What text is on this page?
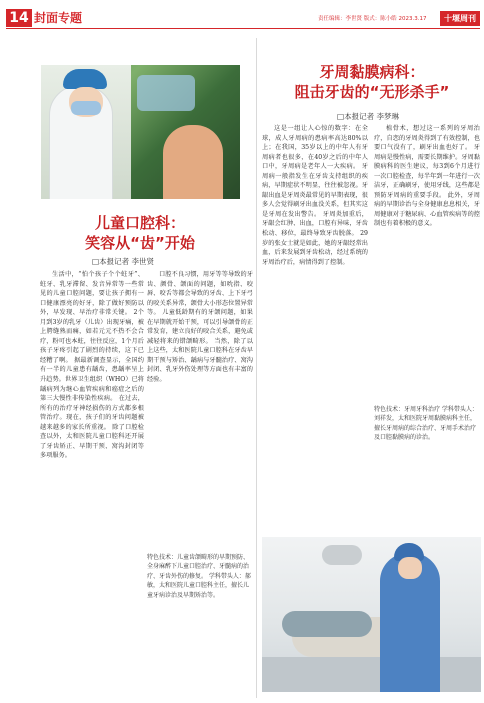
14 封面专题	责任编辑：李世贤 版式：陈小皓 2023.3.17	十堰周刊
儿童口腔科：
笑容从“齿”开始
□本报记者 李世贤
生活中，“怕个孩子个个蛀牙”、蛀牙、乳牙滞留、发音异常等一些常见的儿童口腔问题，要让孩子拥有一口健康漂亮的好牙，除了做好预防以外，早发现、早治疗非常关键。 2个月到3岁的乳牙（儿齿）出现牙痛，被上腭缝熟而痛，如若元元不热不会合疗，粉可也本蛀，往往反应，1个月后孩子牙疼引起了剧烈的持续，这下已经糟了啊。 据最新调查显示，全国约有一半的儿童患有龋齿，患龋率呈上升趋势。世界卫生组织（WHO）已将龋病列为继心血管疾病和癌症之后的第三大慢性非传染性疾病。 在过去，所有的治疗牙神经损伤的方式都多根管治疗。现在，孩子们的牙齿问题被越来越多的家长所重视。 除了口腔检查以外，太和医院儿童口腔科还开展了牙齿矫正、早期干预、窝沟封闭等多项服务。
口腔不良习惯，用牙等等导致的牙齿、颜骨、颌面的问题，如吮指、咬唇、咬舌等都会导致的牙齿、上下牙弓的咬关系异常，颌骨大小形态位置异常等。 儿童低龄期有的牙颌问题，如果在早期就开始干预，可以引导颌骨的正常发育，建立良好的咬合关系，避免或减轻将来的错颌畸形。 当然，除了以上这些，太和医院儿童口腔科在牙齿早期干预与矫治、龋病与牙髓治疗、窝沟封闭、乳牙外伤处理等方面也有丰富的经验。
特色技术：儿童齿颌畸形的早期预防、全身麻醉下儿童口腔治疗、牙髓病的治疗、牙齿外伤的修复。 学科带头人：郝敏，太和医院儿童口腔科主任，擅长儿童牙病诊治及早期矫治等。
牙周黏膜病科：
阻击牙齿的“无形杀手”
□本报记者 李梦琳
这是一组让人心惊的数字：在全球，成人牙周病的患病率高达80%以上；在我国，35岁以上的中年人有牙周病者也很多，在40岁之后的中年人口中，牙周病是老年人一大疾病。 牙周病一般指发生在牙齿支持组织的疾病，早期症状不明显，往往被忽视。牙龈出血是牙周炎最常见的早期表现，很多人会觉得刷牙出血没关系，但其实这是牙周在发出警告。 牙周炎加重后，牙龈会红肿、出血，口腔有异味，牙齿松动、移位，最终导致牙齿脱落。 29岁的张女士就是如此，她的牙龈经常出血，后来发展到牙齿松动，经过系统的牙周治疗后，病情得到了控制。
植骨术，想过这一系列的牙周治疗，自恋的牙周炎得到了有效控制，也要口气没有了，刷牙出血也好了。 牙周病是慢性病，需要长期维护。牙周黏膜病科的医生建议，每3到6个月进行一次口腔检查，每半年到一年进行一次洁牙，正确刷牙，使用牙线，这些都是预防牙周病的重要手段。 此外，牙周病的早期诊治与全身健康息息相关，牙周健康对于糖尿病、心血管疾病等的控制也有着积极的意义。
特色技术：牙周牙科治疗 学科带头人：刘祥发，太和医院牙周黏膜病科主任，擅长牙周病的综合治疗、牙周手术治疗及口腔黏膜病的诊治。
